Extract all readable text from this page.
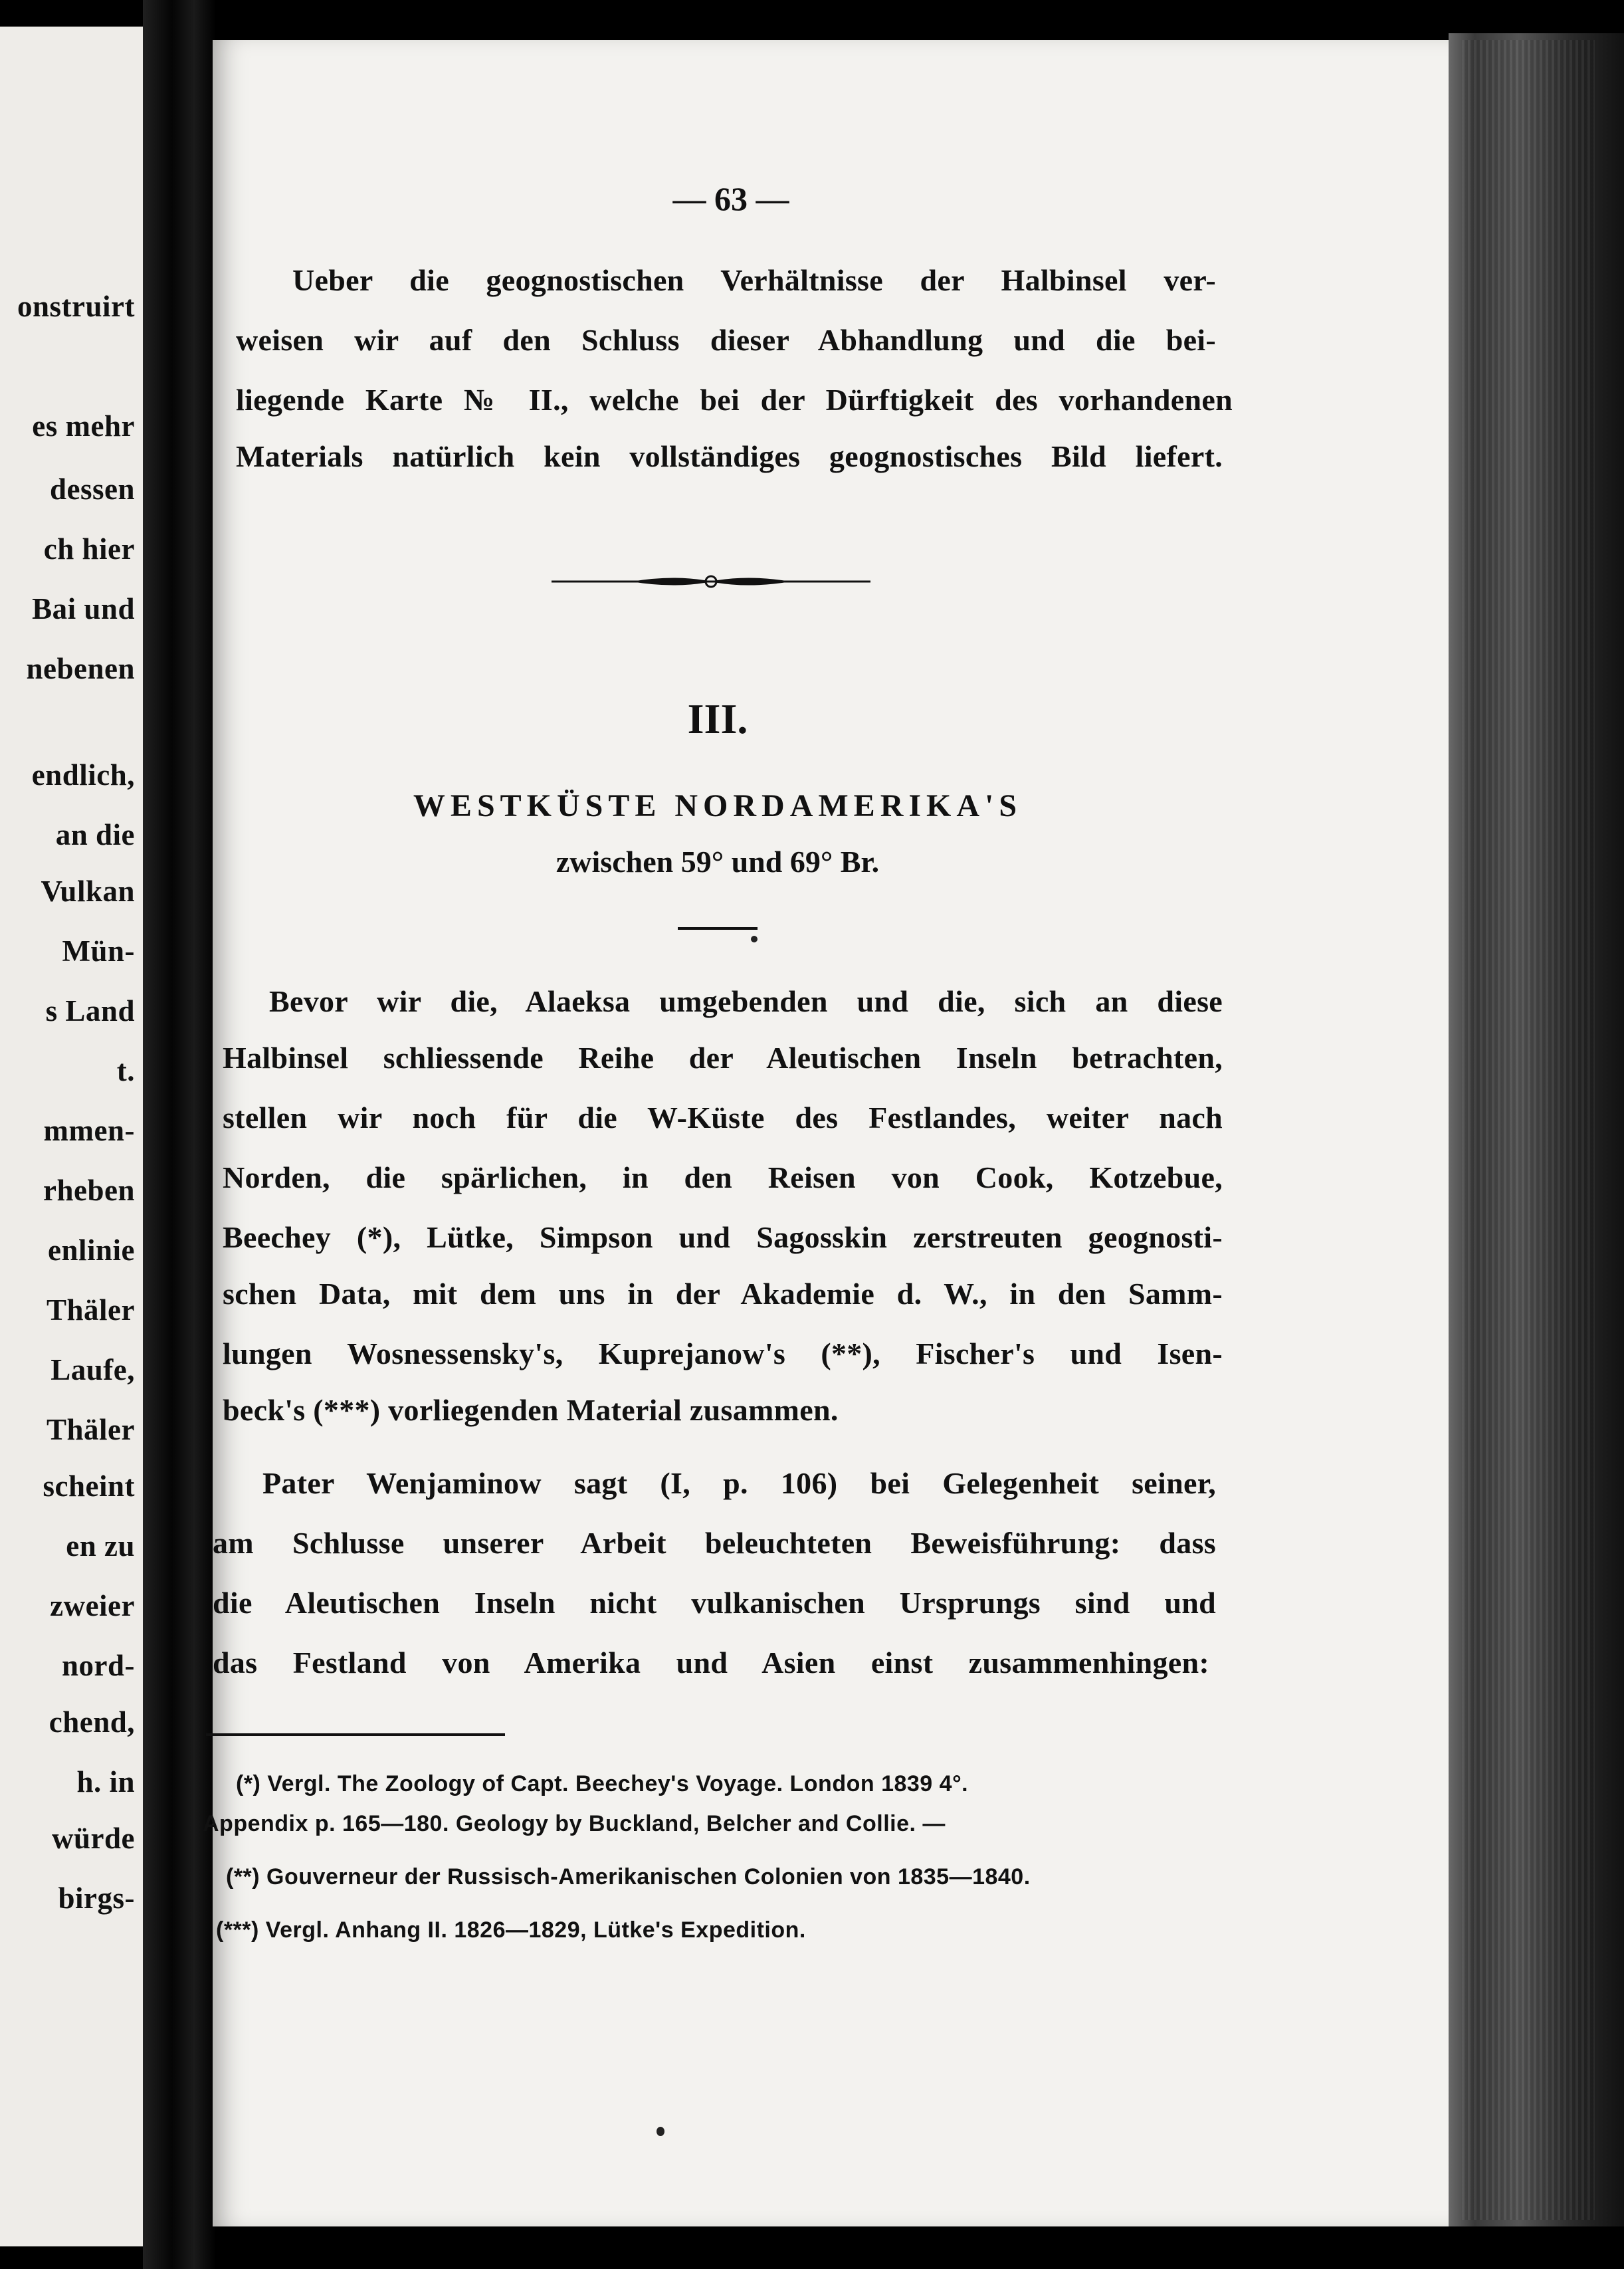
onstruirt
es mehr
dessen
ch hier
Bai und
nebenen
endlich,
an die
Vulkan
Mün-
s Land
t.
mmen-
rheben
enlinie
Thäler
Laufe,
Thäler
scheint
en zu
zweier
nord-
chend,
h. in
würde
birgs-
— 63 —
Ueber die geognostischen Verhältnisse der Halbinsel ver-
weisen wir auf den Schluss dieser Abhandlung und die bei-
liegende Karte № II., welche bei der Dürftigkeit des vorhandenen
Materials natürlich kein vollständiges geognostisches Bild liefert.
III.
WESTKÜSTE NORDAMERIKA'S
zwischen 59° und 69° Br.
Bevor wir die, Alaeksa umgebenden und die, sich an diese
Halbinsel schliessende Reihe der Aleutischen Inseln betrachten,
stellen wir noch für die W-Küste des Festlandes, weiter nach
Norden, die spärlichen, in den Reisen von Cook, Kotzebue,
Beechey (*), Lütke, Simpson und Sagosskin zerstreuten geognosti-
schen Data, mit dem uns in der Akademie d. W., in den Samm-
lungen Wosnessensky's, Kuprejanow's (**), Fischer's und Isen-
beck's (***) vorliegenden Material zusammen.
Pater Wenjaminow sagt (I, p. 106) bei Gelegenheit seiner,
am Schlusse unserer Arbeit beleuchteten Beweisführung: dass
die Aleutischen Inseln nicht vulkanischen Ursprungs sind und
das Festland von Amerika und Asien einst zusammenhingen:
(*) Vergl. The Zoology of Capt. Beechey's Voyage. London 1839 4°.
Appendix p. 165—180. Geology by Buckland, Belcher and Collie. —
(**) Gouverneur der Russisch-Amerikanischen Colonien von 1835—1840.
(***) Vergl. Anhang II. 1826—1829, Lütke's Expedition.
